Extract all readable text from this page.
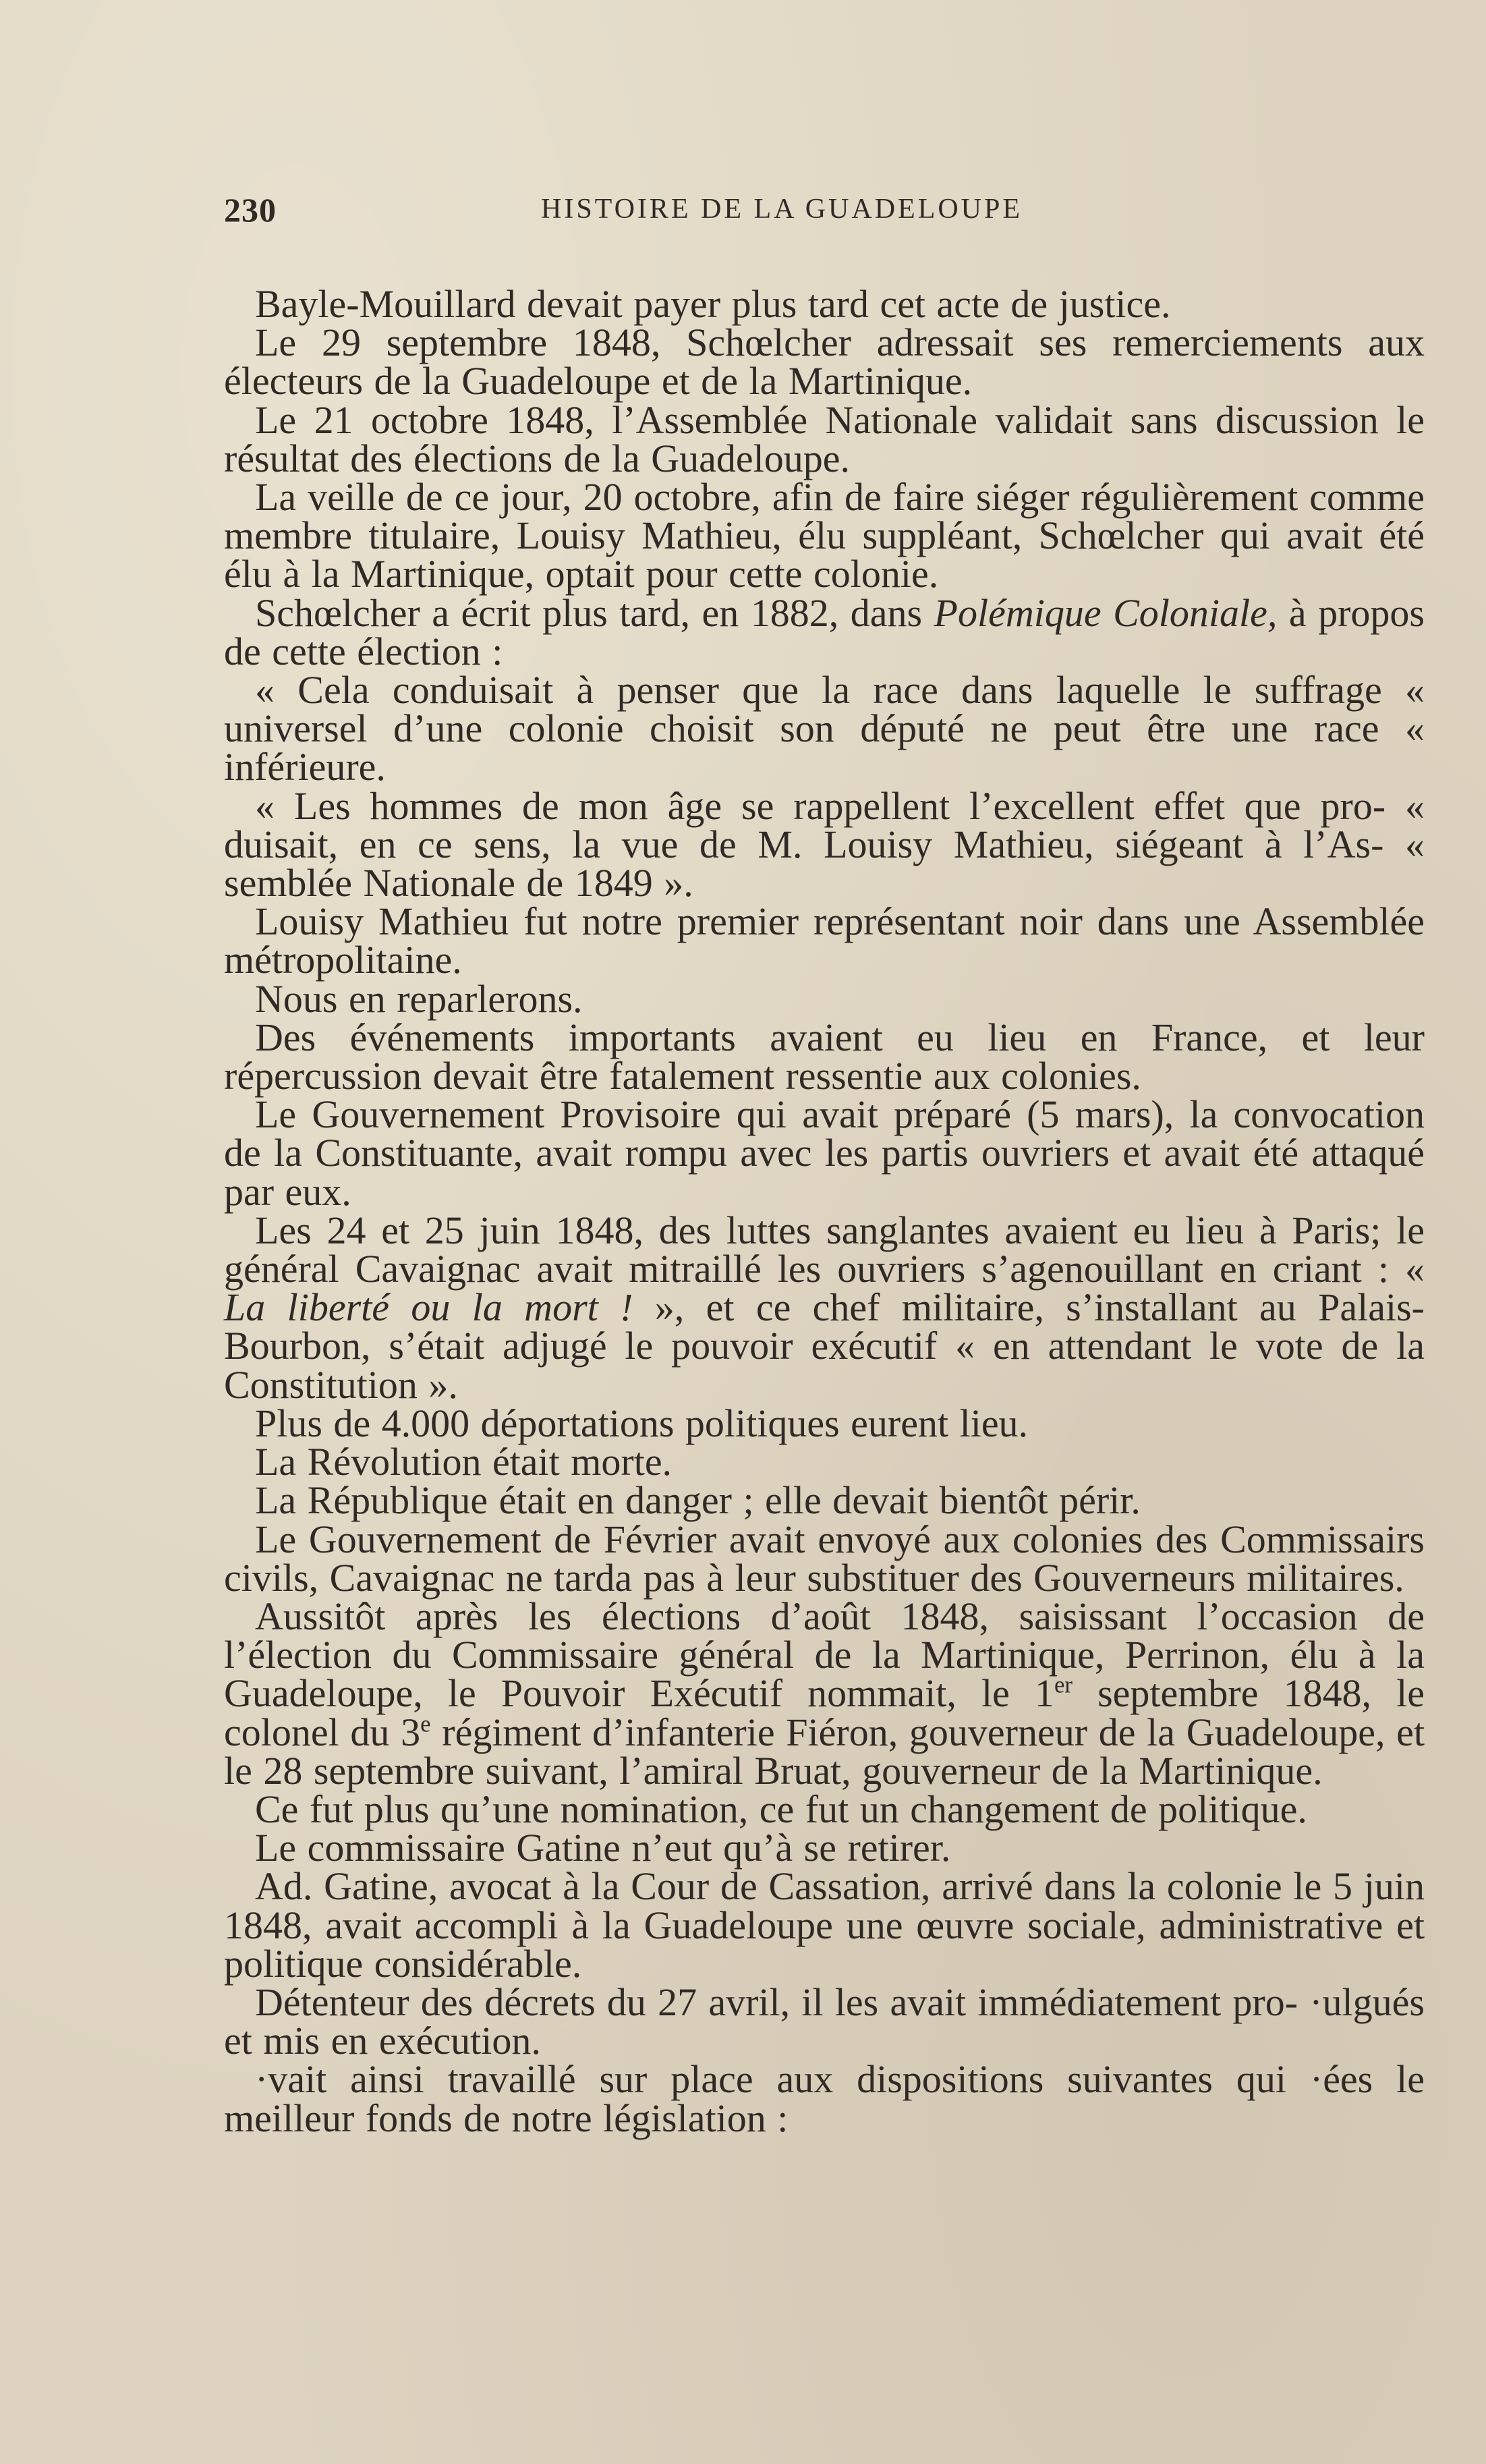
230	HISTOIRE DE LA GUADELOUPE

Bayle-Mouillard devait payer plus tard cet acte de justice.

Le 29 septembre 1848, Schœlcher adressait ses remerciements aux électeurs de la Guadeloupe et de la Martinique.

Le 21 octobre 1848, l’Assemblée Nationale validait sans discussion le résultat des élections de la Guadeloupe.

La veille de ce jour, 20 octobre, afin de faire siéger régulièrement comme membre titulaire, Louisy Mathieu, élu suppléant, Schœlcher qui avait été élu à la Martinique, optait pour cette colonie.

Schœlcher a écrit plus tard, en 1882, dans Polémique Coloniale, à propos de cette élection :

« Cela conduisait à penser que la race dans laquelle le suffrage « universel d’une colonie choisit son député ne peut être une race « inférieure.

« Les hommes de mon âge se rappellent l’excellent effet que pro- « duisait, en ce sens, la vue de M. Louisy Mathieu, siégeant à l’As- « semblée Nationale de 1849 ».

Louisy Mathieu fut notre premier représentant noir dans une Assemblée métropolitaine.

Nous en reparlerons.

Des événements importants avaient eu lieu en France, et leur répercussion devait être fatalement ressentie aux colonies.

Le Gouvernement Provisoire qui avait préparé (5 mars), la convocation de la Constituante, avait rompu avec les partis ouvriers et avait été attaqué par eux.

Les 24 et 25 juin 1848, des luttes sanglantes avaient eu lieu à Paris; le général Cavaignac avait mitraillé les ouvriers s’agenouillant en criant : « La liberté ou la mort ! », et ce chef militaire, s’installant au Palais-Bourbon, s’était adjugé le pouvoir exécutif « en attendant le vote de la Constitution ».

Plus de 4.000 déportations politiques eurent lieu.

La Révolution était morte.

La République était en danger ; elle devait bientôt périr.

Le Gouvernement de Février avait envoyé aux colonies des Commissairs civils, Cavaignac ne tarda pas à leur substituer des Gouverneurs militaires.

Aussitôt après les élections d’août 1848, saisissant l’occasion de l’élection du Commissaire général de la Martinique, Perrinon, élu à la Guadeloupe, le Pouvoir Exécutif nommait, le 1er septembre 1848, le colonel du 3e régiment d’infanterie Fiéron, gouverneur de la Guadeloupe, et le 28 septembre suivant, l’amiral Bruat, gouverneur de la Martinique.

Ce fut plus qu’une nomination, ce fut un changement de politique.

Le commissaire Gatine n’eut qu’à se retirer.

Ad. Gatine, avocat à la Cour de Cassation, arrivé dans la colonie le 5 juin 1848, avait accompli à la Guadeloupe une œuvre sociale, administrative et politique considérable.

Détenteur des décrets du 27 avril, il les avait immédiatement pro- ·ulgués et mis en exécution.

·vait ainsi travaillé sur place aux dispositions suivantes qui ·ées le meilleur fonds de notre législation :
